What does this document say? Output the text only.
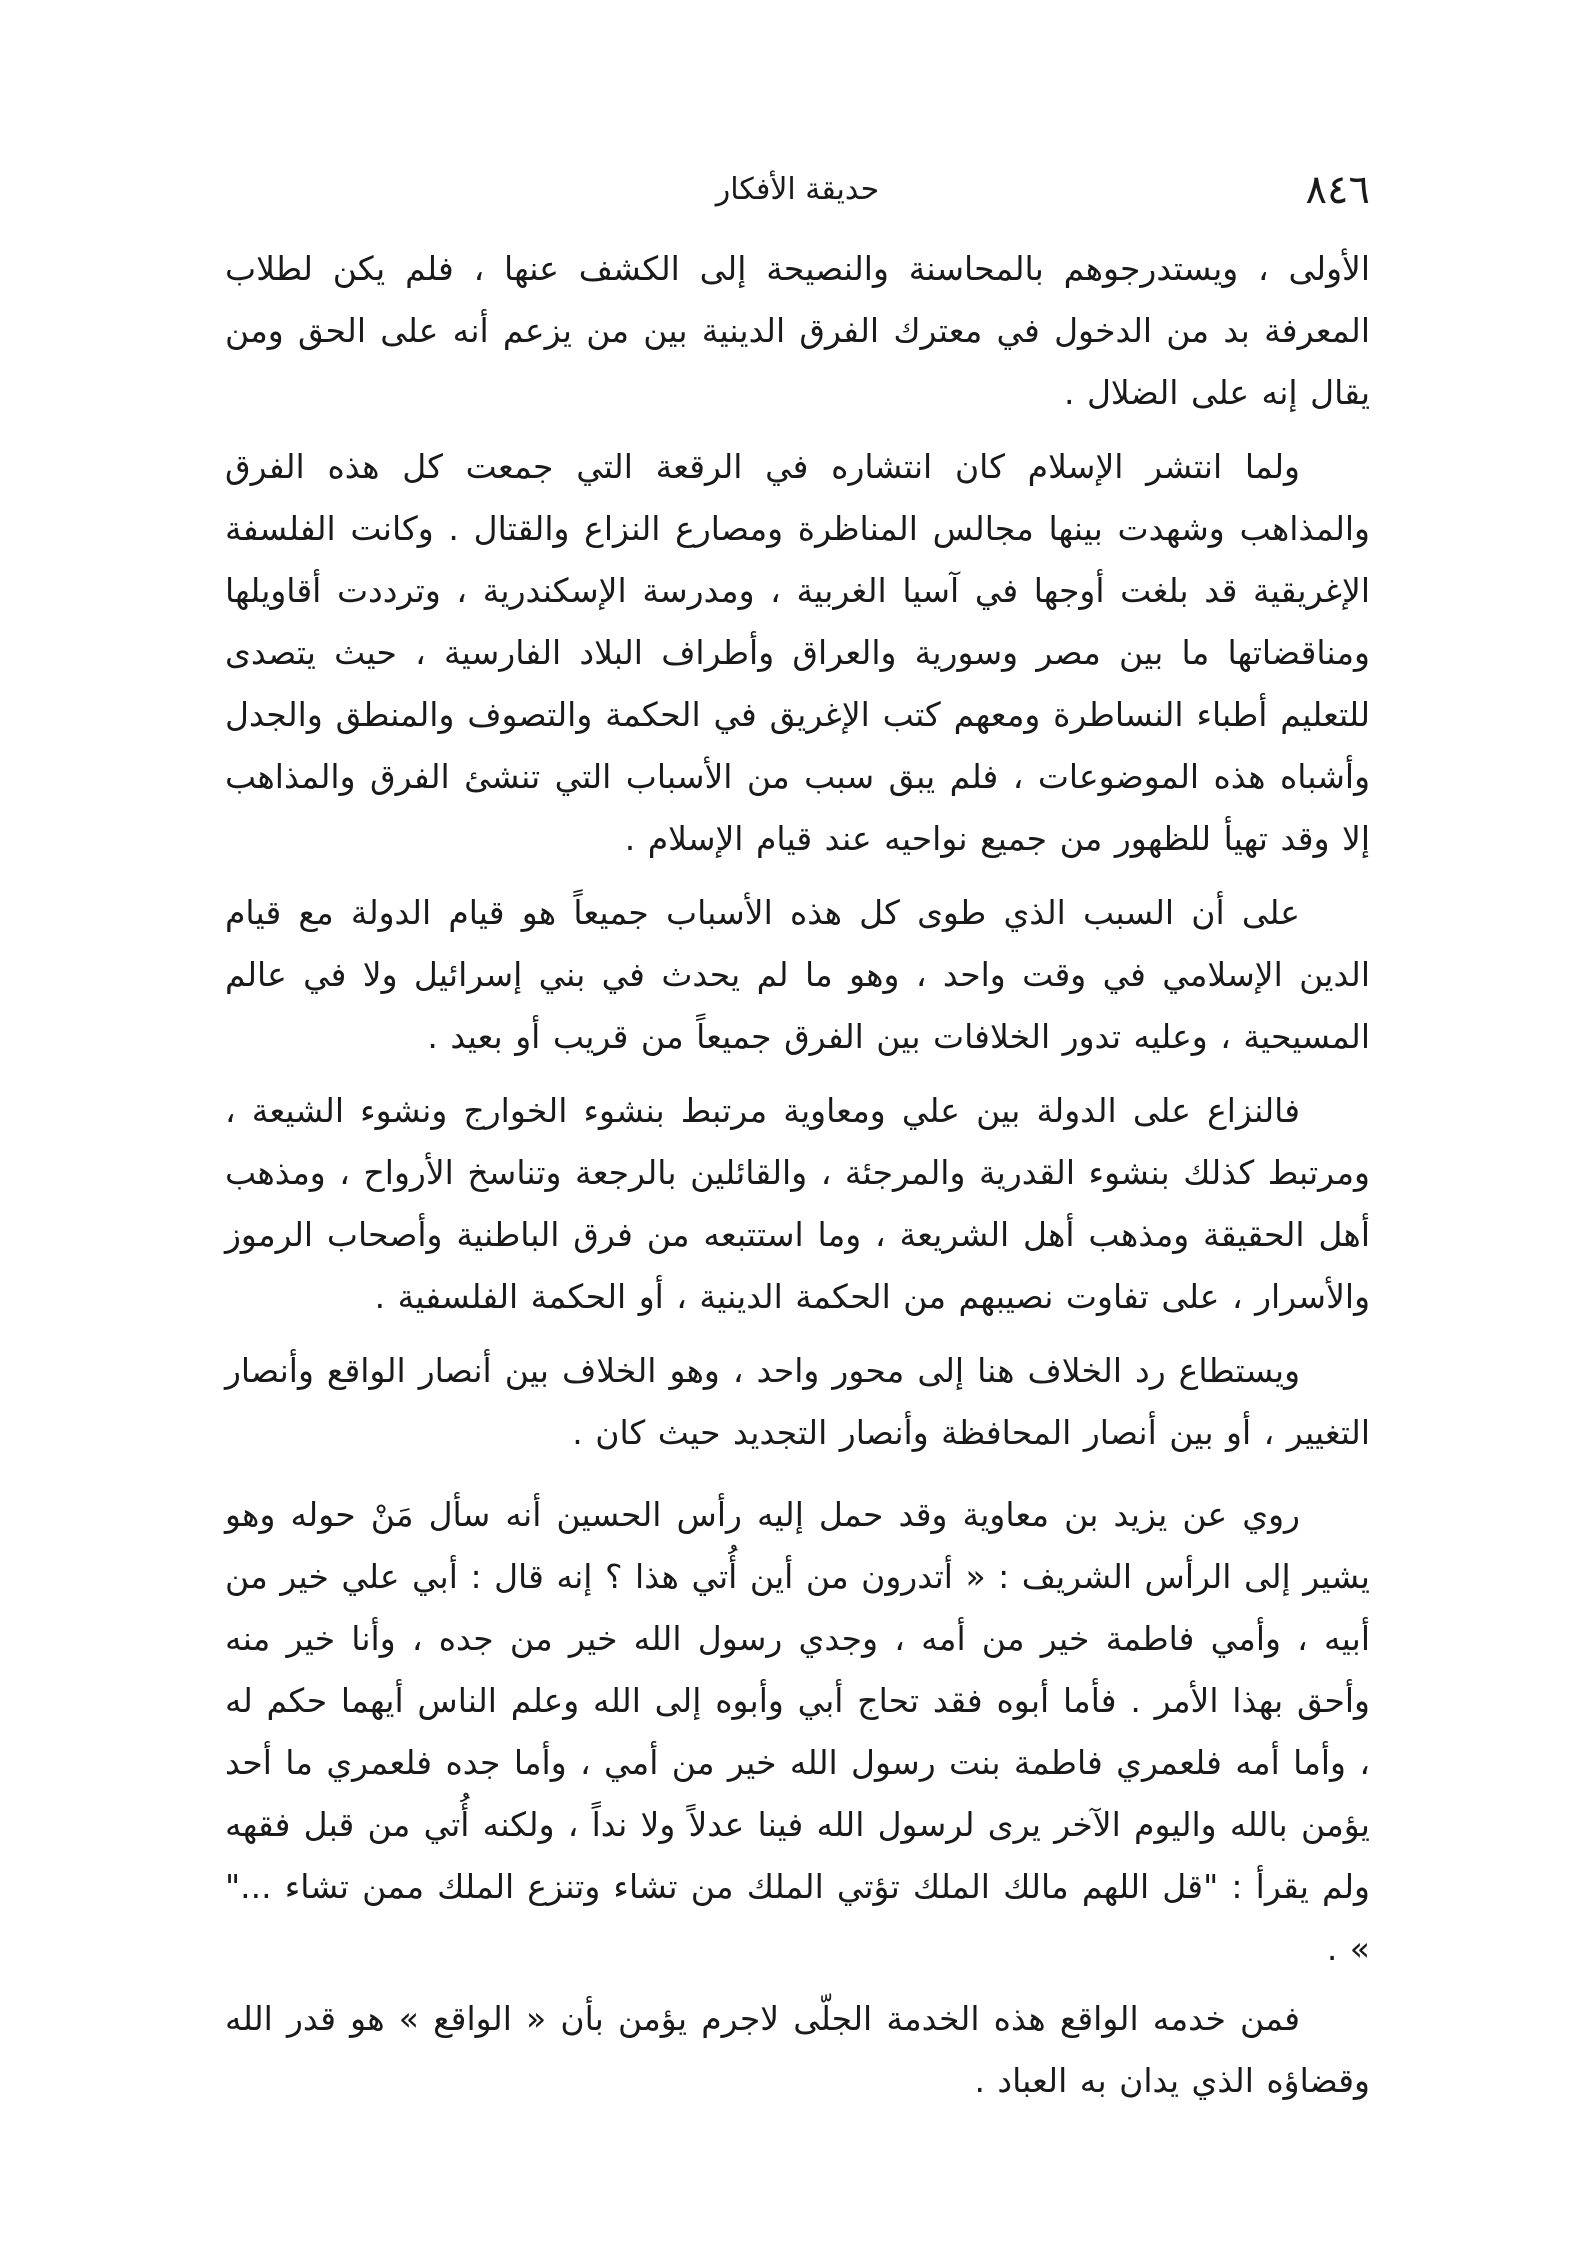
٨٤٦
حديقة الأفكار

الأولى ، ويستدرجوهم بالمحاسنة والنصيحة إلى الكشف عنها ، فلم يكن لطلاب المعرفة بد من الدخول في معترك الفرق الدينية بين من يزعم أنه على الحق ومن يقال إنه على الضلال .

ولما انتشر الإسلام كان انتشاره في الرقعة التي جمعت كل هذه الفرق والمذاهب وشهدت بينها مجالس المناظرة ومصارع النزاع والقتال . وكانت الفلسفة الإغريقية قد بلغت أوجها في آسيا الغربية ، ومدرسة الإسكندرية ، وترددت أقاويلها ومناقضاتها ما بين مصر وسورية والعراق وأطراف البلاد الفارسية ، حيث يتصدى للتعليم أطباء النساطرة ومعهم كتب الإغريق في الحكمة والتصوف والمنطق والجدل وأشباه هذه الموضوعات ، فلم يبق سبب من الأسباب التي تنشئ الفرق والمذاهب إلا وقد تهيأ للظهور من جميع نواحيه عند قيام الإسلام .

على أن السبب الذي طوى كل هذه الأسباب جميعاً هو قيام الدولة مع قيام الدين الإسلامي في وقت واحد ، وهو ما لم يحدث في بني إسرائيل ولا في عالم المسيحية ، وعليه تدور الخلافات بين الفرق جميعاً من قريب أو بعيد .

فالنزاع على الدولة بين علي ومعاوية مرتبط بنشوء الخوارج ونشوء الشيعة ، ومرتبط كذلك بنشوء القدرية والمرجئة ، والقائلين بالرجعة وتناسخ الأرواح ، ومذهب أهل الحقيقة ومذهب أهل الشريعة ، وما استتبعه من فرق الباطنية وأصحاب الرموز والأسرار ، على تفاوت نصيبهم من الحكمة الدينية ، أو الحكمة الفلسفية .

ويستطاع رد الخلاف هنا إلى محور واحد ، وهو الخلاف بين أنصار الواقع وأنصار التغيير ، أو بين أنصار المحافظة وأنصار التجديد حيث كان .

روي عن يزيد بن معاوية وقد حمل إليه رأس الحسين أنه سأل مَنْ حوله وهو يشير إلى الرأس الشريف : « أتدرون من أين أُتي هذا ؟ إنه قال : أبي علي خير من أبيه ، وأمي فاطمة خير من أمه ، وجدي رسول الله خير من جده ، وأنا خير منه وأحق بهذا الأمر . فأما أبوه فقد تحاج أبي وأبوه إلى الله وعلم الناس أيهما حكم له ، وأما أمه فلعمري فاطمة بنت رسول الله خير من أمي ، وأما جده فلعمري ما أحد يؤمن بالله واليوم الآخر يرى لرسول الله فينا عدلاً ولا نداً ، ولكنه أُتي من قبل فقهه ولم يقرأ : "قل اللهم مالك الملك تؤتي الملك من تشاء وتنزع الملك ممن تشاء ..." » .

فمن خدمه الواقع هذه الخدمة الجلّى لاجرم يؤمن بأن « الواقع » هو قدر الله وقضاؤه الذي يدان به العباد .
